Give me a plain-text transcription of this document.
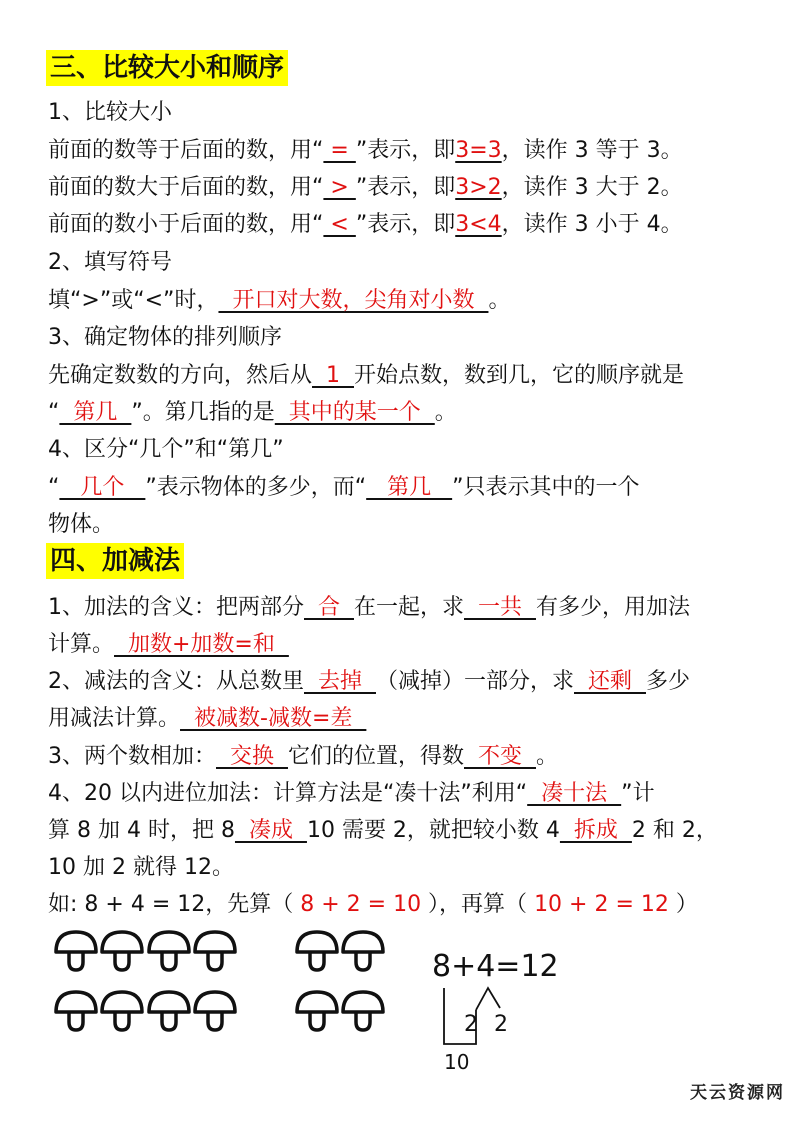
三、比较大小和顺序
1、比较大小
前面的数等于后面的数，用“ = ”表示，即3=3，读作 3 等于 3。
前面的数大于后面的数，用“ > ”表示，即3>2，读作 3 大于 2。
前面的数小于后面的数，用“ < ”表示，即3<4，读作 3 小于 4。
2、填写符号
填“>”或“<”时，  开口对大数，尖角对小数  。
3、确定物体的排列顺序
先确定数数的方向，然后从  1  开始点数，数到几，它的顺序就是
“  第几  ”。第几指的是  其中的某一个  。
4、区分“几个”和“第几”
“   几个   ”表示物体的多少，而“   第几   ”只表示其中的一个
物体。
四、加减法
1、加法的含义：把两部分  合  在一起，求  一共  有多少，用加法
计算。  加数+加数=和
2、减法的含义：从总数里  去掉  （减掉）一部分，求  还剩  多少
用减法计算。  被减数-减数=差
3、两个数相加：  交换  它们的位置，得数  不变  。
4、20 以内进位加法：计算方法是“凑十法”利用“  凑十法  ”计
算 8 加 4 时，把 8  凑成  10 需要 2，就把较小数 4  拆成  2 和 2，
10 加 2 就得 12。
如: 8 + 4 = 12，先算（ 8 + 2 = 10 ），再算（ 10 + 2 = 12 ）
8+4=12
2 2
10
天云资源网
